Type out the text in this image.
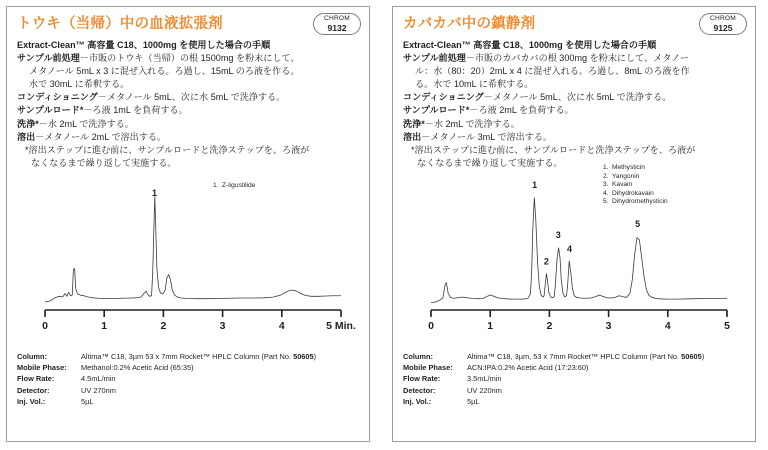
トウキ（当帰）中の血液拡張剤	CHROM
9132
Extract-Clean™ 高容量 C18、1000mg を使用した場合の手順
サンプル前処理－市販のトウキ（当帰）の根 1500mg を粉末にして、
メタノール 5mL x 3 に混ぜ入れる。ろ過し、15mL のろ液を作る。
水で 30mL に希釈する。
コンディショニング－メタノール 5mL、次に水 5mL で洗浄する。
サンプルロード*－ろ液 1mL を負荷する。
洗浄*－水 2mL で洗浄する。
溶出－メタノール 2mL で溶出する。
*溶出ステップに進む前に、サンプルロードと洗浄ステップを、ろ液が
なくなるまで繰り返して実施する。
0	1	2	3	4	5 Min.
1
1. Z-ligustilide
Column:	Altima™ C18, 3µm 53 x 7mm Rocket™ HPLC Column (Part No. 50605)
Mobile Phase:	Methanol:0.2% Acetic Acid (65:35)
Flow Rate:	4.5mL/min
Detector:	UV 270nm
Inj. Vol.:	5µL
カバカバ中の鎮静剤	CHROM
9125
Extract-Clean™ 高容量 C18、1000mg を使用した場合の手順
サンプル前処理－市販のカバカバの根 300mg を粉末にして、メタノー
ル：水（80：20）2mL x 4 に混ぜ入れる。ろ過し、8mL のろ液を作
る。水で 10mL に希釈する。
コンディショニング－メタノール 5mL、次に水 5mL で洗浄する。
サンプルロード*－ろ液 2mL を負荷する。
洗浄*－水 2mL で洗浄する。
溶出－メタノール 3mL で溶出する。
*溶出ステップに進む前に、サンプルロードと洗浄ステップを、ろ液が
なくなるまで繰り返して実施する。
0	1	2	3	4	5
1
2
3
4
5
1. Methysticin
2. Yangonin
3. Kavain
4. Dihydrokavain
5. Dihydromethysticin
Column:	Altima™ C18, 3µm, 53 x 7mm Rocket™ HPLC Column (Part No. 50605)
Mobile Phase:	ACN:IPA:0.2% Acetic Acid (17:23:60)
Flow Rate:	3.5mL/min
Detector:	UV 220nm
Inj. Vol.:	5µL
